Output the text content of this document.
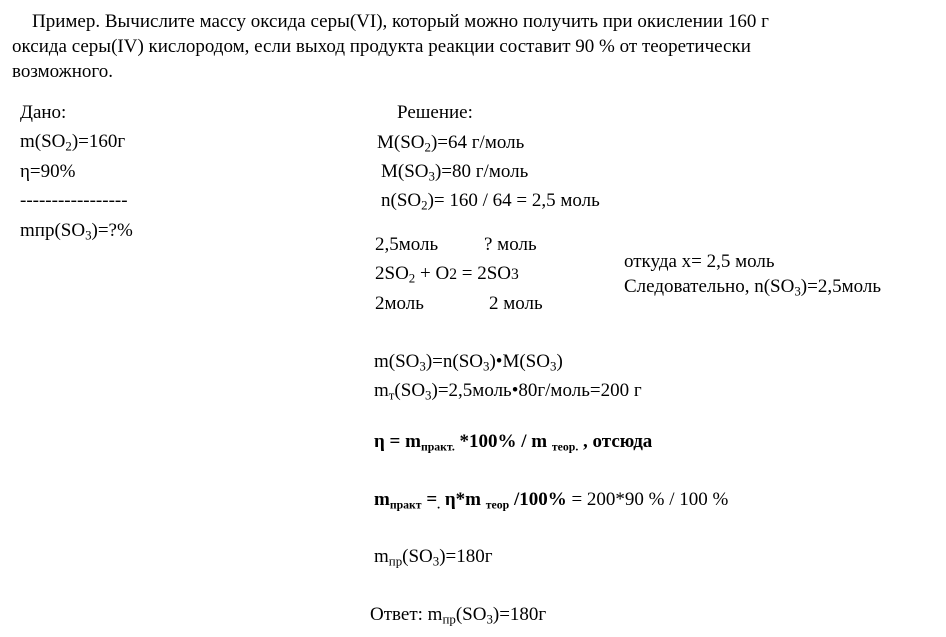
Пример. Вычислите массу оксида серы(VI), который можно получить при окислении 160 г
оксида серы(IV) кислородом, если выход продукта реакции составит 90 % от теоретически
возможного.
Дано:
$m(SO_2)=160г$
η=90%
-----------------
$mпр(SO_3)=?\%$
Решение:
$M(SO_2)=64$ г/моль
$M(SO_3)=80$ г/моль
$n(SO_2)= 160 / 64 = 2,5$ моль
2,5моль ? моль
$2SO_2 + O2 = 2SO3$
2моль	2 моль
откуда х= 2,5 моль
Следовательно, $n(SO_3)=2,5моль$
$m(SO_3)=n(SO_3)•M(SO_3)$
$m_т(SO_3)=2,5моль•80г/моль=200$ г
$\eta = m_{практ.}$ *100% / m $_{теор.}$ , отсюда
$m_{практ} =_.$ η*m $_{теор}$ /100% = 200*90 % / 100 %
$m_{пр}(SO_3)=180г$
Ответ: $m_{пр}(SO_3)=180г$
